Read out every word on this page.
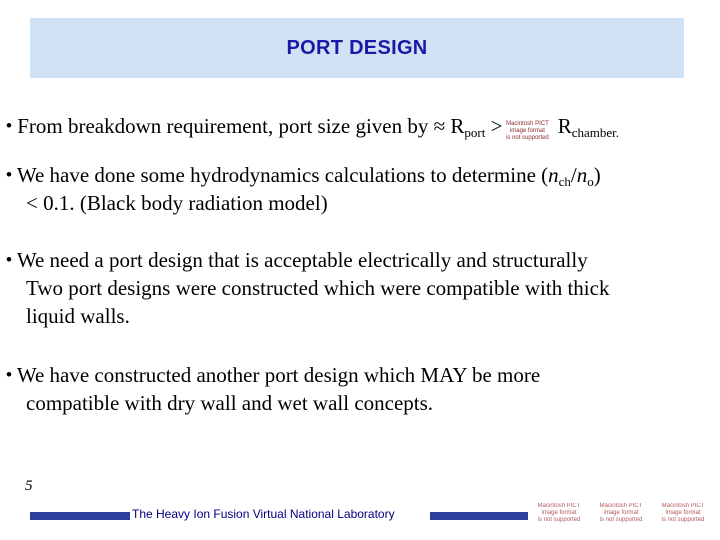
PORT DESIGN
• From breakdown requirement, port size given by ≈ $R_{port}$ > Macintosh PICT
image format
is not supported $R_{chamber.}$
• We have done some hydrodynamics calculations to determine $(n_{ch}/n_o)$
< 0.1. (Black body radiation model)
• We need a port design that is acceptable electrically and structurally
Two port designs were constructed which were compatible with thick
liquid walls.
• We have constructed another port design which MAY be more
compatible with dry wall and wet wall concepts.
5
The Heavy Ion Fusion Virtual National Laboratory
Macintosh PICT
image format
is not supported
Macintosh PICT
image format
is not supported
Macintosh PICT
image format
is not supported
